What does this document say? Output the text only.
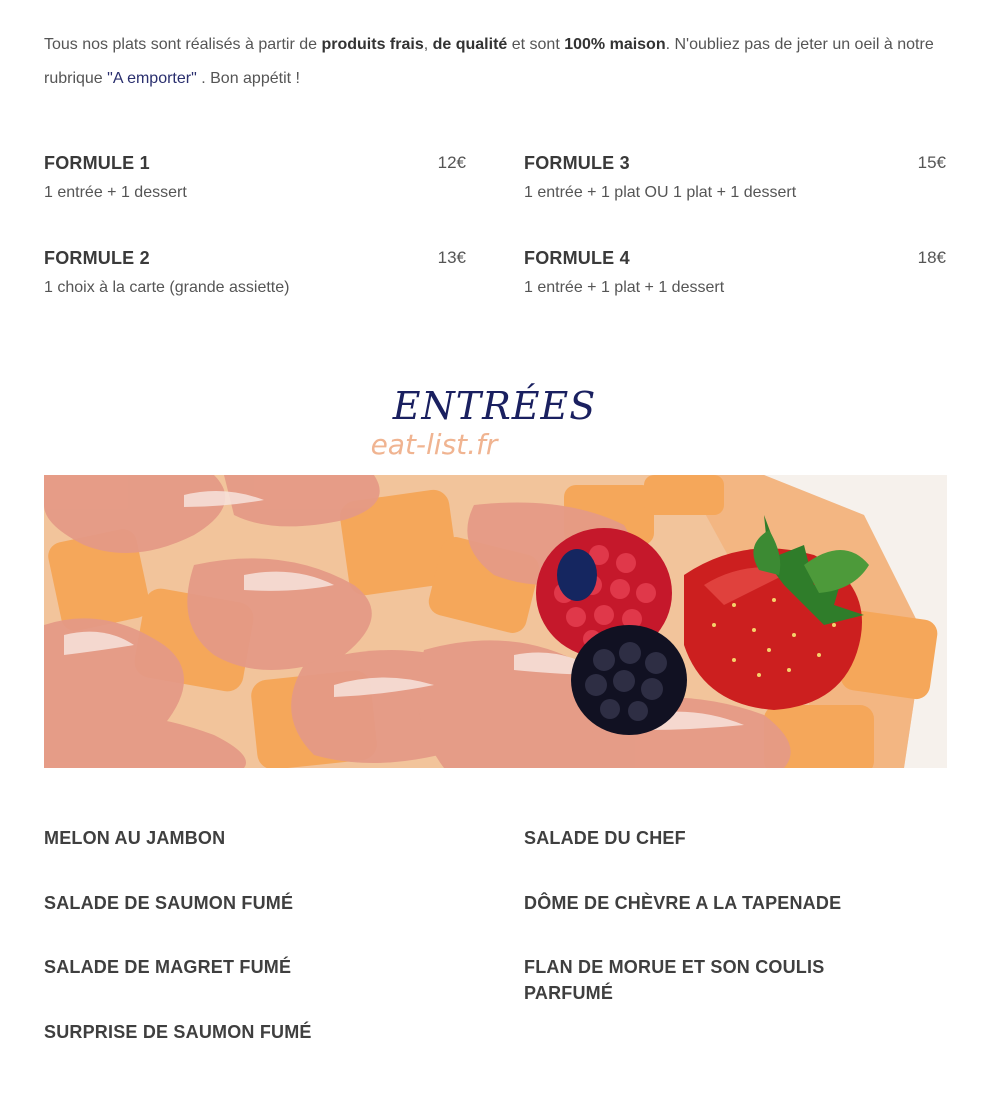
Tous nos plats sont réalisés à partir de produits frais, de qualité et sont 100% maison. N'oubliez pas de jeter un oeil à notre rubrique "A emporter" . Bon appétit !
FORMULE 1	12€
1 entrée + 1 dessert
FORMULE 2	13€
1 choix à la carte (grande assiette)
FORMULE 3	15€
1 entrée + 1 plat OU 1 plat + 1 dessert
FORMULE 4	18€
1 entrée + 1 plat + 1 dessert
ENTRÉES
eat-list.fr
MELON AU JAMBON
SALADE DE SAUMON FUMÉ
SALADE DE MAGRET FUMÉ
SURPRISE DE SAUMON FUMÉ
SALADE DU CHEF
DÔME DE CHÈVRE A LA TAPENADE
FLAN DE MORUE ET SON COULIS PARFUMÉ
